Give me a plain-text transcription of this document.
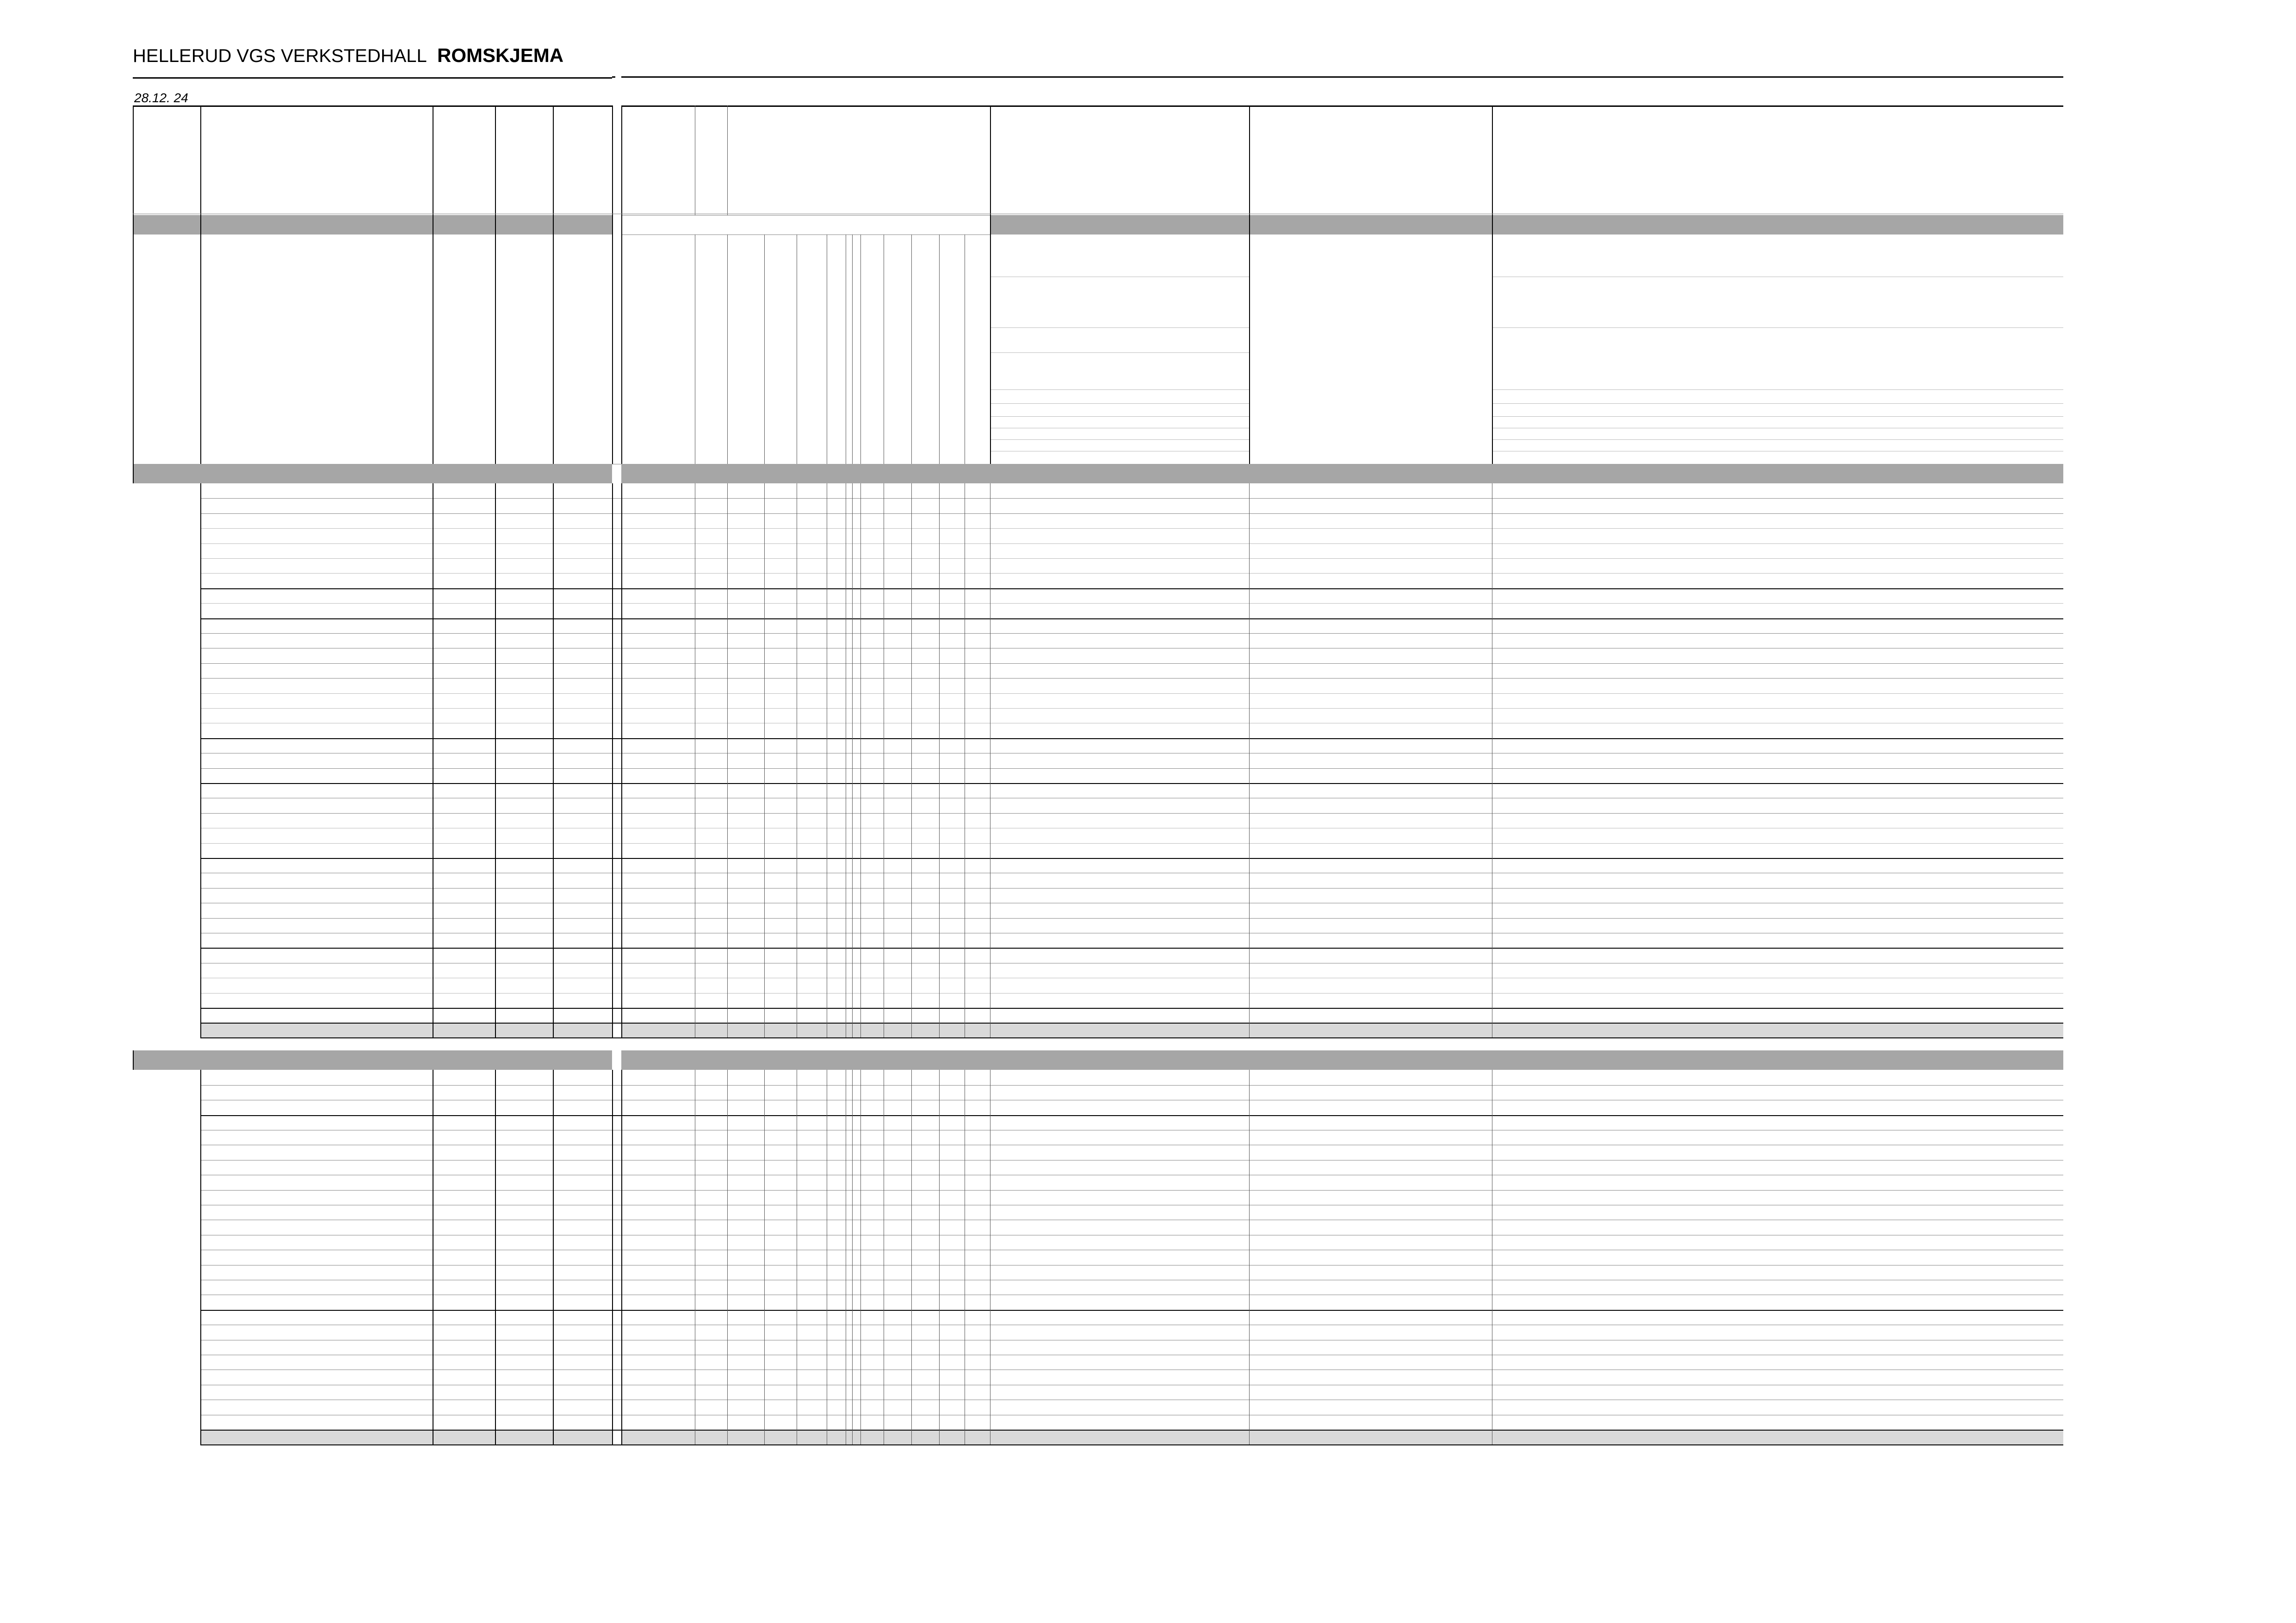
HELLERUD VGS VERKSTEDHALL ROMSKJEMA
28.12. 24
